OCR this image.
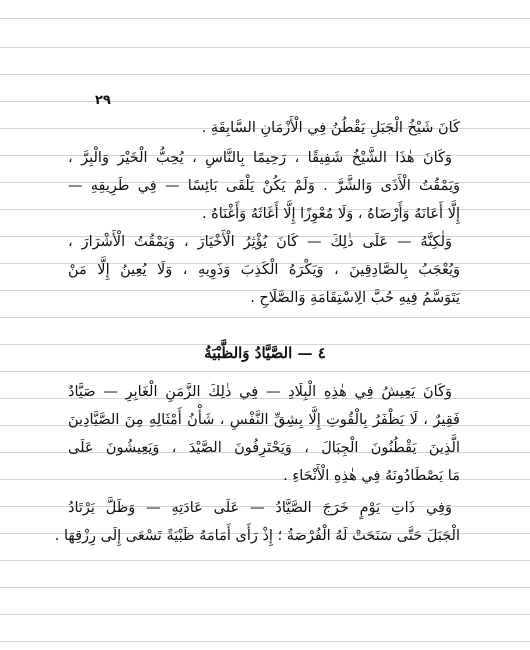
٢٩
كَانَ شَيْخُ الْجَبَلِ يَقْطُنُ فِي الْأَزْمَانِ السَّابِقَةِ .
وَكَانَ هٰذَا الشَّيْخُ شَفِيقًا ، رَحِيمًا بِالنَّاسِ ، يُحِبُّ الْخَيْرَ وَالْبِرَّ ،
وَيَمْقُتُ الْأَذَى وَالشَّرَّ . وَلَمْ يَكُنْ يَلْقَى بَائِسًا — فِي طَرِيقِهِ —
إِلَّا أَعَانَهُ وَأَرْضَاهُ ، وَلَا مُعْوِزًا إِلَّا أَغَاثَهُ وَأَغْنَاهُ .
وَلٰكِنَّهُ — عَلَى ذٰلِكَ — كَانَ يُؤْثِرُ الْأَخْيَارَ ، وَيَمْقُتُ الْأَشْرَارَ ،
وَيُعْجَبُ بِالصَّادِقِينَ ، وَيَكْرَهُ الْكَذِبَ وَذَوِيهِ ، وَلَا يُعِينُ إِلَّا مَنْ
يَتَوَسَّمُ فِيهِ حُبَّ الِاسْتِقَامَةِ وَالصَّلَاحِ .
٤ — الصَّيَّادُ وَالظَّبْيَةُ
وَكَانَ يَعِيشُ فِي هٰذِهِ الْبِلَادِ — فِي ذٰلِكَ الزَّمَنِ الْغَابِرِ — صَيَّادٌ
فَقِيرٌ ، لَا يَظْفَرُ بِالْقُوتِ إِلَّا بِشِقِّ النَّفْسِ ، شَأْنُ أَمْثَالِهِ مِنَ الصَّيَّادِينَ
الَّذِينَ يَقْطُنُونَ الْجِبَالَ ، وَيَحْتَرِفُونَ الصَّيْدَ ، وَيَعِيشُونَ عَلَى
مَا يَصْطَادُونَهُ فِي هٰذِهِ الْأَنْحَاءِ .
وَفِي ذَاتِ يَوْمٍ خَرَجَ الصَّيَّادُ — عَلَى عَادَتِهِ — وَظَلَّ يَرْتَادُ
الْجَبَلَ حَتَّى سَنَحَتْ لَهُ الْفُرْصَةُ ؛ إِذْ رَأَى أَمَامَهُ ظَبْيَةً تَسْعَى إِلَى رِزْقِهَا .
